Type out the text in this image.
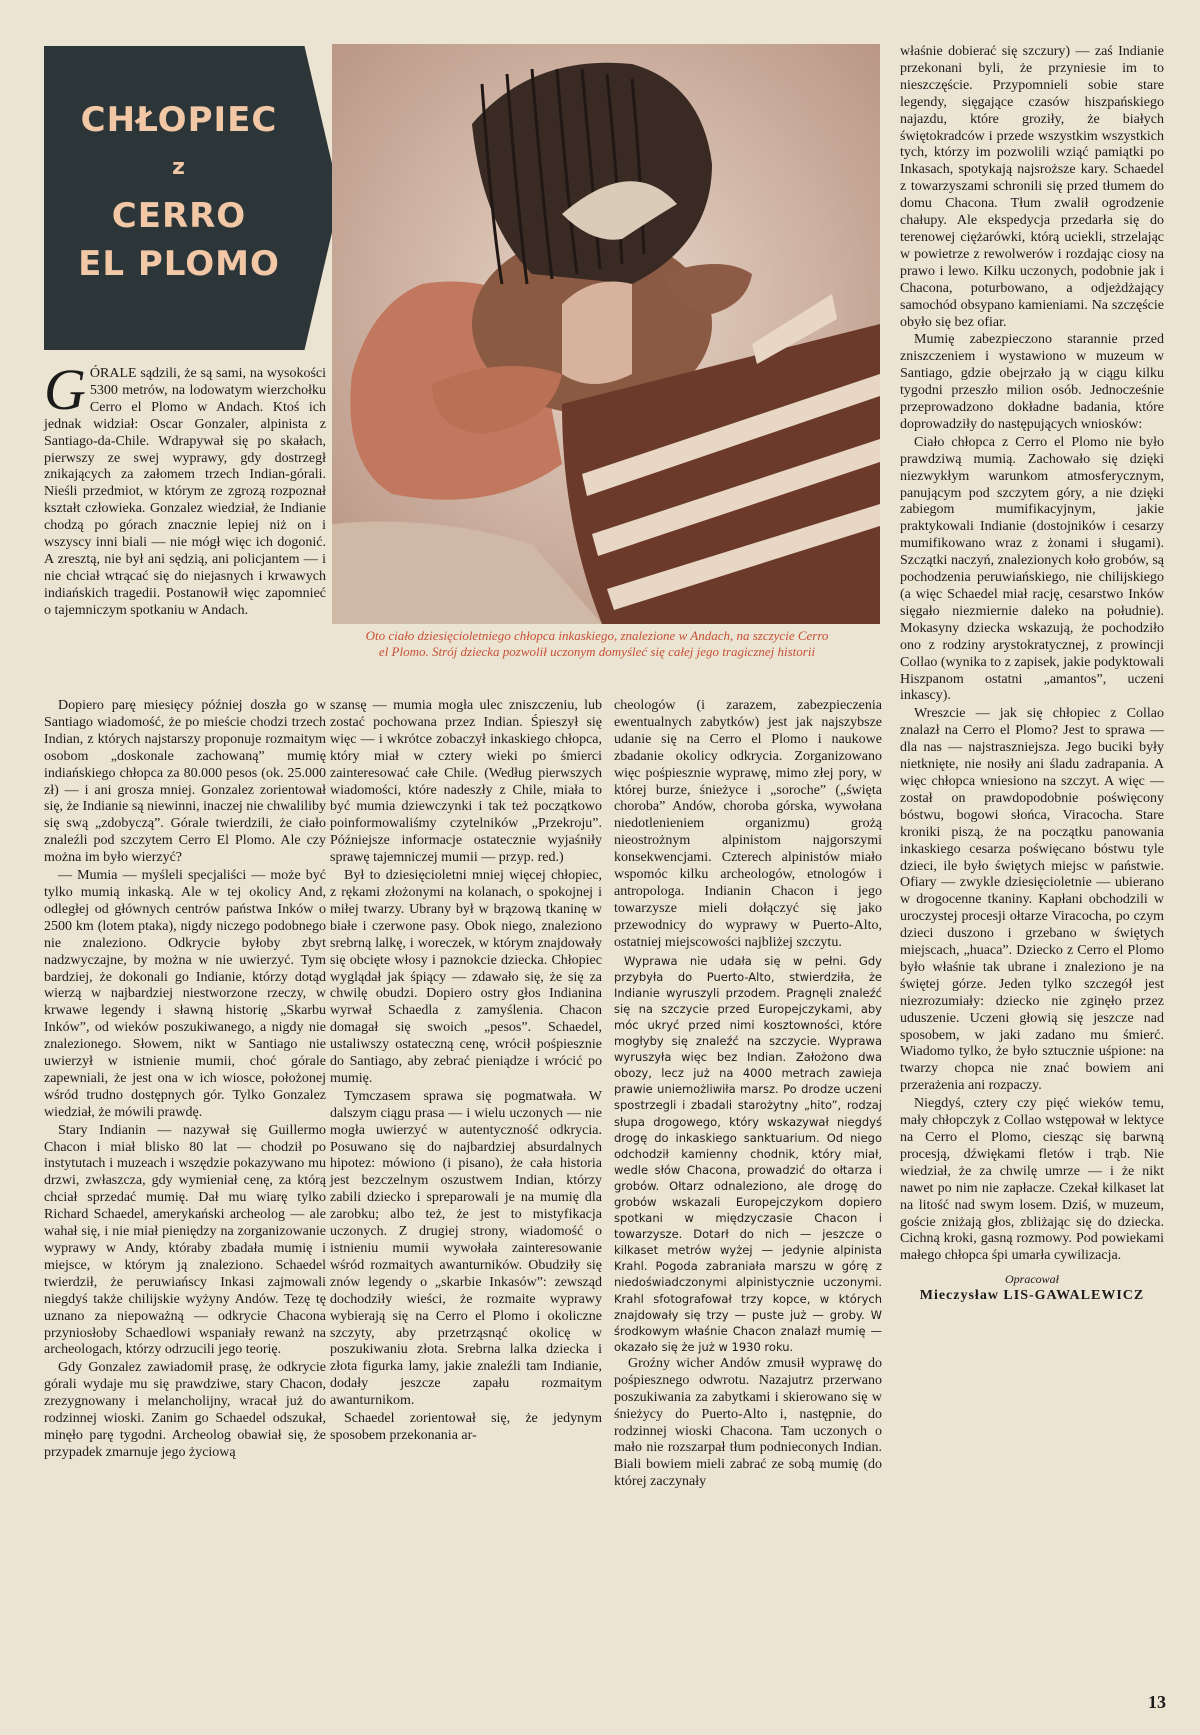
CHŁOPIEC
z
CERRO
EL PLOMO
Oto ciało dziesięcioletniego chłopca inkaskiego, znalezione w Andach, na szczycie Cerro el Plomo. Strój dziecka pozwolił uczonym domyśleć się całej jego tragicznej historii

GÓRALE sądzili, że są sami, na wysokości 5300 metrów, na lodowatym wierzchołku Cerro el Plomo w Andach. Ktoś ich jednak widział: Oscar Gonzaler, alpinista z Santiago-da-Chile. Wdrapywał się po skałach, pierwszy ze swej wyprawy, gdy dostrzegł znikających za załomem trzech Indian-górali. Nieśli przedmiot, w którym ze zgrozą rozpoznał kształt człowieka. Gonzalez wiedział, że Indianie chodzą po górach znacznie lepiej niż on i wszyscy inni biali — nie mógł więc ich dogonić. A zresztą, nie był ani sędzią, ani policjantem — i nie chciał wtrącać się do niejasnych i krwawych indiańskich tragedii. Postanowił więc zapomnieć o tajemniczym spotkaniu w Andach.

Dopiero parę miesięcy później doszła go w Santiago wiadomość, że po mieście chodzi trzech Indian, z których najstarszy proponuje rozmaitym osobom „doskonale zachowaną” mumię indiańskiego chłopca za 80.000 pesos (ok. 25.000 zł) — i ani grosza mniej. Gonzalez zorientował się, że Indianie są niewinni, inaczej nie chwaliliby się swą „zdobyczą”. Górale twierdzili, że ciało znaleźli pod szczytem Cerro El Plomo. Ale czy można im było wierzyć?

— Mumia — myśleli specjaliści — może być tylko mumią inkaską. Ale w tej okolicy And, odległej od głównych centrów państwa Inków o 2500 km (lotem ptaka), nigdy niczego podobnego nie znaleziono. Odkrycie byłoby zbyt nadzwyczajne, by można w nie uwierzyć. Tym bardziej, że dokonali go Indianie, którzy dotąd wierzą w najbardziej niestworzone rzeczy, w krwawe legendy i sławną historię „Skarbu Inków”, od wieków poszukiwanego, a nigdy nie znalezionego. Słowem, nikt w Santiago nie uwierzył w istnienie mumii, choć górale zapewniali, że jest ona w ich wiosce, położonej wśród trudno dostępnych gór. Tylko Gonzalez wiedział, że mówili prawdę.

Stary Indianin — nazywał się Guillermo Chacon i miał blisko 80 lat — chodził po instytutach i muzeach i wszędzie pokazywano mu drzwi, zwłaszcza, gdy wymieniał cenę, za którą chciał sprzedać mumię. Dał mu wiarę tylko Richard Schaedel, amerykański archeolog — ale wahał się, i nie miał pieniędzy na zorganizowanie wyprawy w Andy, któraby zbadała mumię i miejsce, w którym ją znaleziono. Schaedel twierdził, że peruwiańscy Inkasi zajmowali niegdyś także chilijskie wyżyny Andów. Tezę tę uznano za niepoważną — odkrycie Chacona przyniosłoby Schaedlowi wspaniały rewanż na archeologach, którzy odrzucili jego teorię.

Gdy Gonzalez zawiadomił prasę, że odkrycie górali wydaje mu się prawdziwe, stary Chacon, zrezygnowany i melancholijny, wracał już do rodzinnej wioski. Zanim go Schaedel odszukał, minęło parę tygodni. Archeolog obawiał się, że przypadek zmarnuje jego życiową

szansę — mumia mogła ulec zniszczeniu, lub zostać pochowana przez Indian. Śpieszył się więc — i wkrótce zobaczył inkaskiego chłopca, który miał w cztery wieki po śmierci zainteresować całe Chile. (Według pierwszych wiadomości, które nadeszły z Chile, miała to być mumia dziewczynki i tak też początkowo poinformowaliśmy czytelników „Przekroju”. Późniejsze informacje ostatecznie wyjaśniły sprawę tajemniczej mumii — przyp. red.)

Był to dziesięcioletni mniej więcej chłopiec, z rękami złożonymi na kolanach, o spokojnej i miłej twarzy. Ubrany był w brązową tkaninę w białe i czerwone pasy. Obok niego, znaleziono srebrną lalkę, i woreczek, w którym znajdowały się obcięte włosy i paznokcie dziecka. Chłopiec wyglądał jak śpiący — zdawało się, że się za chwilę obudzi. Dopiero ostry głos Indianina wyrwał Schaedla z zamyślenia. Chacon domagał się swoich „pesos”. Schaedel, ustaliwszy ostateczną cenę, wrócił pośpiesznie do Santiago, aby zebrać pieniądze i wrócić po mumię.

Tymczasem sprawa się pogmatwała. W dalszym ciągu prasa — i wielu uczonych — nie mogła uwierzyć w autentyczność odkrycia. Posuwano się do najbardziej absurdalnych hipotez: mówiono (i pisano), że cała historia jest bezczelnym oszustwem Indian, którzy zabili dziecko i spreparowali je na mumię dla zarobku; albo też, że jest to mistyfikacja uczonych. Z drugiej strony, wiadomość o istnieniu mumii wywołała zainteresowanie wśród rozmaitych awanturników. Obudziły się znów legendy o „skarbie Inkasów”: zewsząd dochodziły wieści, że rozmaite wyprawy wybierają się na Cerro el Plomo i okoliczne szczyty, aby przetrząsnąć okolicę w poszukiwaniu złota. Srebrna lalka dziecka i złota figurka lamy, jakie znaleźli tam Indianie, dodały jeszcze zapału rozmaitym awanturnikom.

Schaedel zorientował się, że jedynym sposobem przekonania ar-

cheologów (i zarazem, zabezpieczenia ewentualnych zabytków) jest jak najszybsze udanie się na Cerro el Plomo i naukowe zbadanie okolicy odkrycia. Zorganizowano więc pośpiesznie wyprawę, mimo złej pory, w której burze, śnieżyce i „soroche” („święta choroba” Andów, choroba górska, wywołana niedotlenieniem organizmu) grożą nieostrożnym alpinistom najgorszymi konsekwencjami. Czterech alpinistów miało wspomóc kilku archeologów, etnologów i antropologa. Indianin Chacon i jego towarzysze mieli dołączyć się jako przewodnicy do wyprawy w Puerto-Alto, ostatniej miejscowości najbliżej szczytu.

Wyprawa nie udała się w pełni. Gdy przybyła do Puerto-Alto, stwierdziła, że Indianie wyruszyli przodem. Pragnęli znaleźć się na szczycie przed Europejczykami, aby móc ukryć przed nimi kosztowności, które mogłyby się znaleźć na szczycie. Wyprawa wyruszyła więc bez Indian. Założono dwa obozy, lecz już na 4000 metrach zawieja prawie uniemożliwiła marsz. Po drodze uczeni spostrzegli i zbadali starożytny „hito”, rodzaj słupa drogowego, który wskazywał niegdyś drogę do inkaskiego sanktuarium. Od niego odchodził kamienny chodnik, który miał, wedle słów Chacona, prowadzić do ołtarza i grobów. Ołtarz odnaleziono, ale drogę do grobów wskazali Europejczykom dopiero spotkani w międzyczasie Chacon i towarzysze. Dotarł do nich — jeszcze o kilkaset metrów wyżej — jedynie alpinista Krahl. Pogoda zabraniała marszu w górę z niedoświadczonymi alpinistycznie uczonymi. Krahl sfotografował trzy kopce, w których znajdowały się trzy — puste już — groby. W środkowym właśnie Chacon znalazł mumię — okazało się że już w 1930 roku.

Groźny wicher Andów zmusił wyprawę do pośpiesznego odwrotu. Nazajutrz przerwano poszukiwania za zabytkami i skierowano się w śnieżycy do Puerto-Alto i, następnie, do rodzinnej wioski Chacona. Tam uczonych o mało nie rozszarpał tłum podnieconych Indian. Biali bowiem mieli zabrać ze sobą mumię (do której zaczynały

właśnie dobierać się szczury) — zaś Indianie przekonani byli, że przyniesie im to nieszczęście. Przypomnieli sobie stare legendy, sięgające czasów hiszpańskiego najazdu, które groziły, że białych świętokradców i przede wszystkim wszystkich tych, którzy im pozwolili wziąć pamiątki po Inkasach, spotykają najsroższe kary. Schaedel z towarzyszami schronili się przed tłumem do domu Chacona. Tłum zwalił ogrodzenie chałupy. Ale ekspedycja przedarła się do terenowej ciężarówki, którą uciekli, strzelając w powietrze z rewolwerów i rozdając ciosy na prawo i lewo. Kilku uczonych, podobnie jak i Chacona, poturbowano, a odjeżdżający samochód obsypano kamieniami. Na szczęście obyło się bez ofiar.

Mumię zabezpieczono starannie przed zniszczeniem i wystawiono w muzeum w Santiago, gdzie obejrzało ją w ciągu kilku tygodni przeszło milion osób. Jednocześnie przeprowadzono dokładne badania, które doprowadziły do następujących wniosków:

Ciało chłopca z Cerro el Plomo nie było prawdziwą mumią. Zachowało się dzięki niezwykłym warunkom atmosferycznym, panującym pod szczytem góry, a nie dzięki zabiegom mumifikacyjnym, jakie praktykowali Indianie (dostojników i cesarzy mumifikowano wraz z żonami i sługami). Szczątki naczyń, znalezionych koło grobów, są pochodzenia peruwiańskiego, nie chilijskiego (a więc Schaedel miał rację, cesarstwo Inków sięgało niezmiernie daleko na południe). Mokasyny dziecka wskazują, że pochodziło ono z rodziny arystokratycznej, z prowincji Collao (wynika to z zapisek, jakie podyktowali Hiszpanom ostatni „amantos”, uczeni inkascy).

Wreszcie — jak się chłopiec z Collao znalazł na Cerro el Plomo? Jest to sprawa — dla nas — najstraszniejsza. Jego buciki były nietknięte, nie nosiły ani śladu zadrapania. A więc chłopca wniesiono na szczyt. A więc — został on prawdopodobnie poświęcony bóstwu, bogowi słońca, Viracocha. Stare kroniki piszą, że na początku panowania inkaskiego cesarza poświęcano bóstwu tyle dzieci, ile było świętych miejsc w państwie. Ofiary — zwykle dziesięcioletnie — ubierano w drogocenne tkaniny. Kapłani obchodzili w uroczystej procesji ołtarze Viracocha, po czym dzieci duszono i grzebano w świętych miejscach, „huaca”. Dziecko z Cerro el Plomo było właśnie tak ubrane i znaleziono je na świętej górze. Jeden tylko szczegół jest niezrozumiały: dziecko nie zginęło przez uduszenie. Uczeni głowią się jeszcze nad sposobem, w jaki zadano mu śmierć. Wiadomo tylko, że było sztucznie uśpione: na twarzy chopca nie znać bowiem ani przerażenia ani rozpaczy.

Niegdyś, cztery czy pięć wieków temu, mały chłopczyk z Collao wstępował w lektyce na Cerro el Plomo, ciesząc się barwną procesją, dźwiękami fletów i trąb. Nie wiedział, że za chwilę umrze — i że nikt nawet po nim nie zapłacze. Czekał kilkaset lat na litość nad swym losem. Dziś, w muzeum, goście zniżają głos, zbliżając się do dziecka. Cichną kroki, gasną rozmowy. Pod powiekami małego chłopca śpi umarła cywilizacja.

Opracował
Mieczysław LIS-GAWALEWICZ
13
